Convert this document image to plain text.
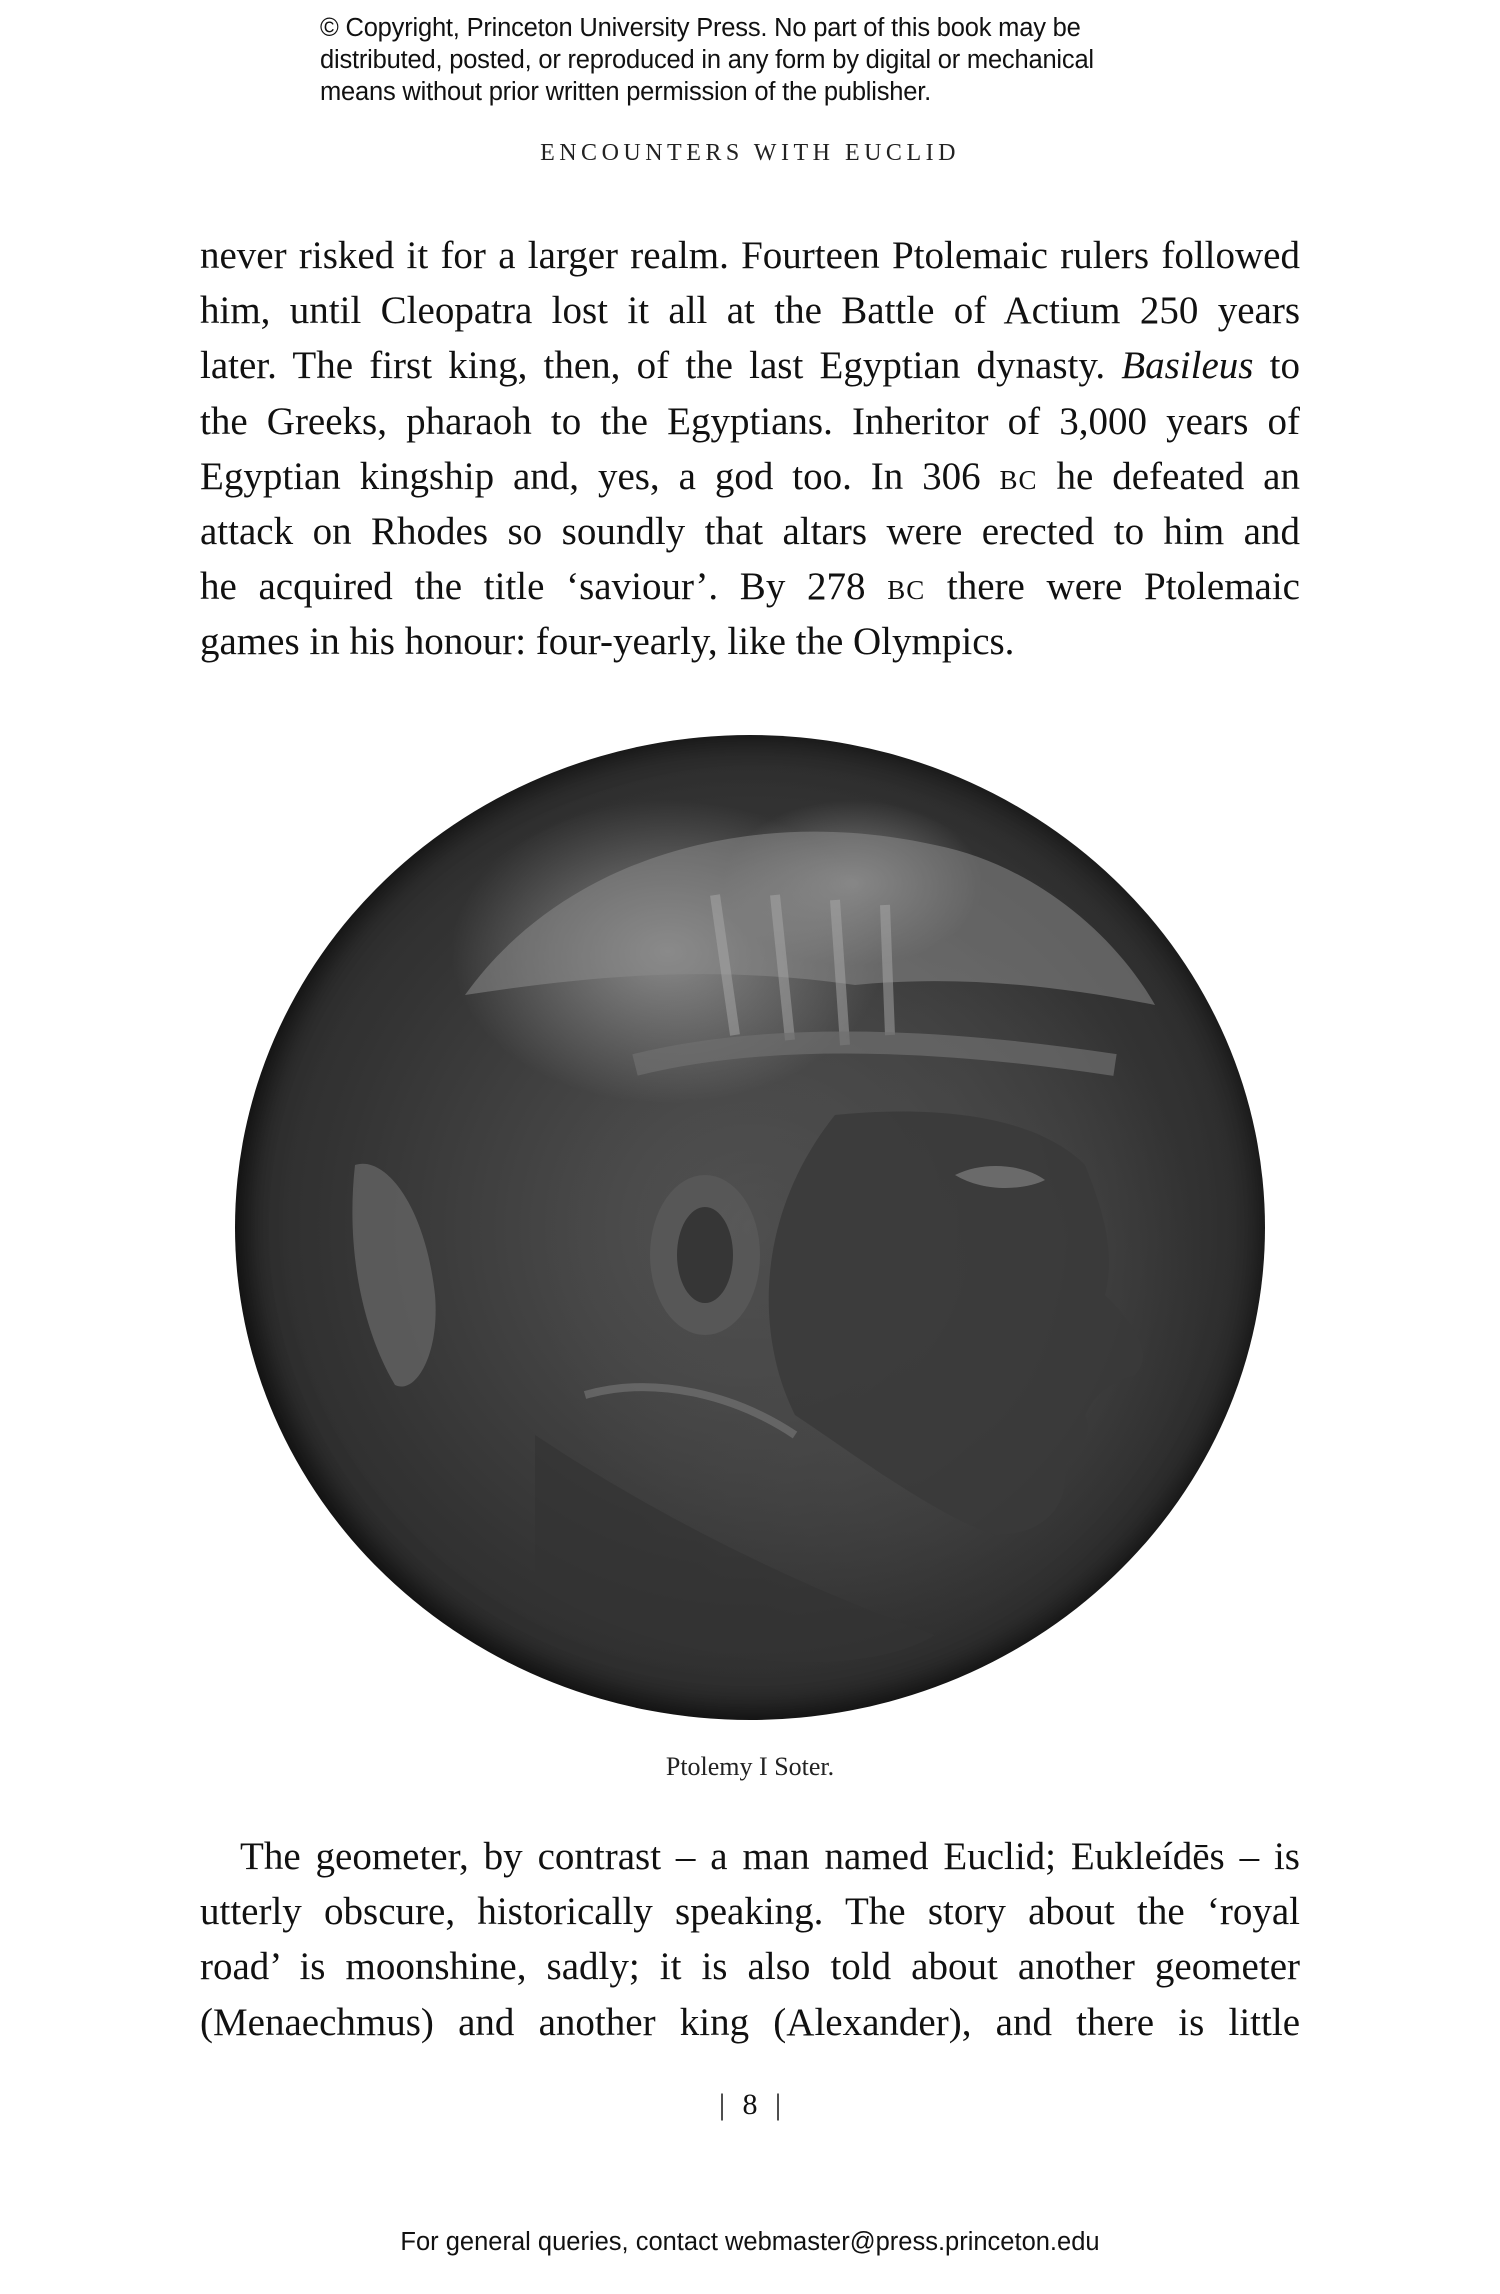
© Copyright, Princeton University Press. No part of this book may be
distributed, posted, or reproduced in any form by digital or mechanical
means without prior written permission of the publisher.
ENCOUNTERS WITH EUCLID
never risked it for a larger realm. Fourteen Ptolemaic rulers followed
him, until Cleopatra lost it all at the Battle of Actium 250 years
later. The first king, then, of the last Egyptian dynasty. Basileus to
the Greeks, pharaoh to the Egyptians. Inheritor of 3,000 years of
Egyptian kingship and, yes, a god too. In 306 bc he defeated an
attack on Rhodes so soundly that altars were erected to him and
he acquired the title ‘saviour’. By 278 bc there were Ptolemaic
games in his honour: four-yearly, like the Olympics.
Ptolemy I Soter.
The geometer, by contrast – a man named Euclid; Eukleídēs – is
utterly obscure, historically speaking. The story about the ‘royal
road’ is moonshine, sadly; it is also told about another geometer
(Menaechmus) and another king (Alexander), and there is little
| 8 |
For general queries, contact webmaster@press.princeton.edu
